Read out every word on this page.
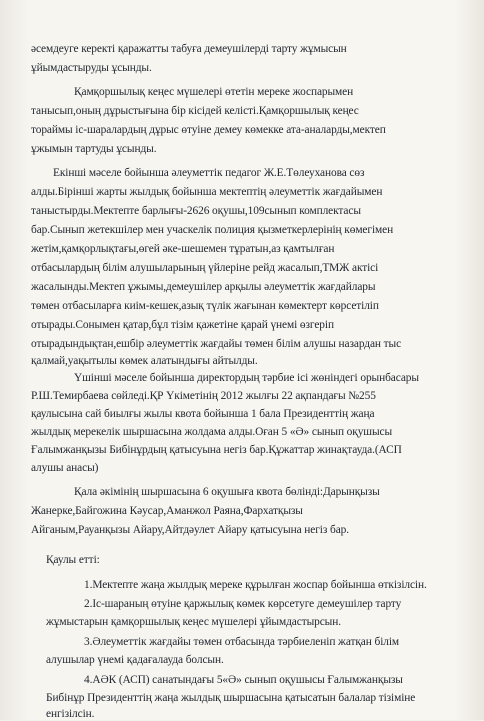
әсемдеуге керекті қаражатты табуға демеушілерді тарту жұмысын
ұйымдастыруды ұсынды.
Қамқоршылық кеңес мүшелері өтетін мереке жоспарымен
танысып,оның дұрыстығына бір кісідей келісті.Қамқоршылық кеңес
тораймы іс-шаралардың дұрыс өтуіне демеу көмекке ата-аналарды,мектеп
ұжымын тартуды ұсынды.
Екінші мәселе бойынша әлеуметтік педагог Ж.Е.Төлеуханова сөз
алды.Бірінші жарты жылдық бойынша мектептің әлеуметтік жағдайымен
таныстырды.Мектепте барлығы-2626 оқушы,109сынып комплектасы
бар.Сынып жетекшілер мен учаскелік полиция қызметкерлерінің көмегімен
жетім,қамқорлықтағы,өгей әке-шешемен тұратын,аз қамтылған
отбасылардың білім алушыларының үйлеріне рейд жасалып,ТМЖ актісі
жасалынды.Мектеп ұжымы,демеушілер арқылы әлеуметтік жағдайлары
төмен отбасыларға киім-кешек,азық түлік жағынан көмектерт көрсетіліп
отырады.Сонымен қатар,бұл тізім қажетіне қарай үнемі өзгеріп
отырадындықтан,ешбір әлеуметтік жағдайы төмен білім алушы назардан тыс
қалмай,уақытылы көмек алатындығы айтылды.
Үшінші мәселе бойынша директордың тәрбие ісі жөніндегі орынбасары
Р.Ш.Темирбаева сөйледі.ҚР Үкіметінің 2012 жылғы 22 ақпандағы №255
қаулысына сай биылғы жылы квота бойынша 1 бала Президенттің жаңа
жылдық мерекелік шыршасына жолдама алды.Оған 5 «Ә» сынып оқушысы
Ғалымжанқызы Бибінұрдың қатысуына негіз бар.Құжаттар жинақтауда.(АСП
алушы анасы)
Қала әкімінің шыршасына 6 оқушыға квота бөлінді:Дарынқызы
Жанерке,Байгожина Кәусар,Аманжол Раяна,Фархатқызы
Айганым,Рауанқызы Айару,Айтдәулет Айару қатысуына негіз бар.
Қаулы етті:
1.Мектепте жаңа жылдық мереке құрылған жоспар бойынша өткізілсін.
2.Іс-шараның өтуіне қаржылық көмек көрсетуге демеушілер тарту
жұмыстарын қамқоршылық кеңес мүшелері ұйымдастырсын.
3.Әлеуметтік жағдайы төмен отбасында тәрбиеленіп жатқан білім
алушылар үнемі қадағалауда болсын.
4.АӘК (АСП) санатындағы 5«Ә» сынып оқушысы Ғалымжанқызы
Бибінұр Президенттің жаңа жылдық шыршасына қатысатын балалар тізіміне
енгізілсін.
